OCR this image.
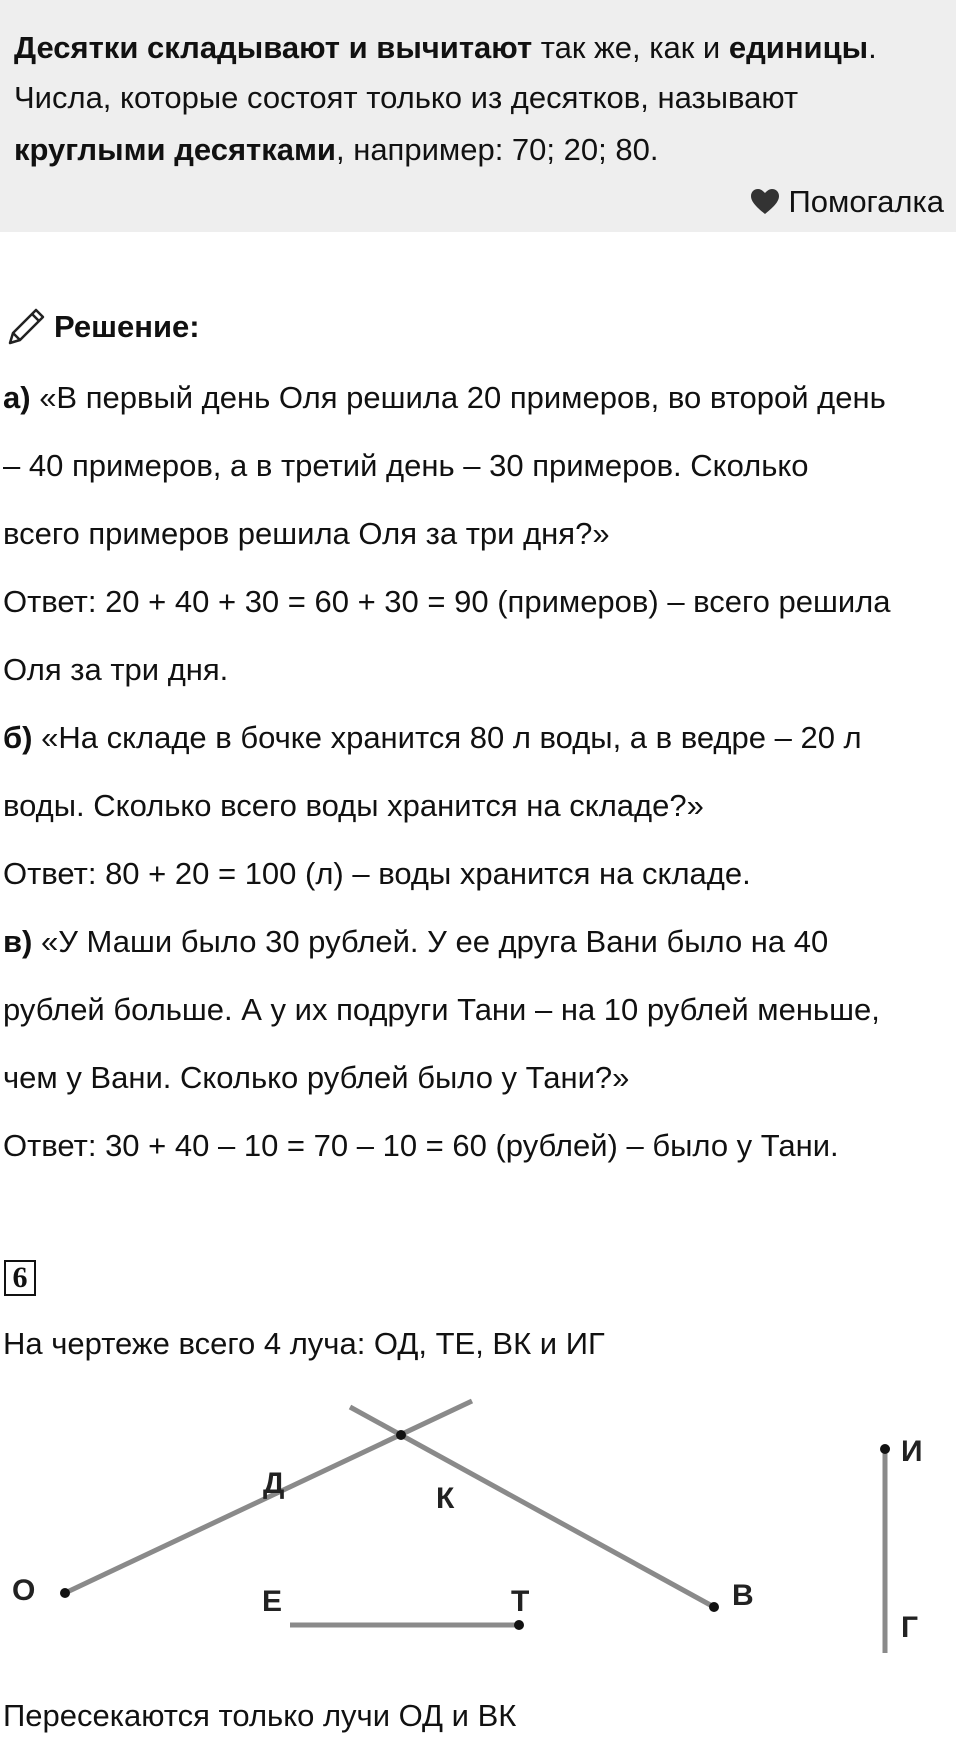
Десятки складывают и вычитают так же, как и единицы.
Числа, которые состоят только из десятков, называют
круглыми десятками, например: 70; 20; 80.
Помогалка
Решение:
а) «В первый день Оля решила 20 примеров, во второй день
– 40 примеров, а в третий день – 30 примеров. Сколько
всего примеров решила Оля за три дня?»
Ответ: 20 + 40 + 30 = 60 + 30 = 90 (примеров) – всего решила
Оля за три дня.
б) «На складе в бочке хранится 80 л воды, а в ведре – 20 л
воды. Сколько всего воды хранится на складе?»
Ответ: 80 + 20 = 100 (л) – воды хранится на складе.
в) «У Маши было 30 рублей. У ее друга Вани было на 40
рублей больше. А у их подруги Тани – на 10 рублей меньше,
чем у Вани. Сколько рублей было у Тани?»
Ответ: 30 + 40 – 10 = 70 – 10 = 60 (рублей) – было у Тани.
6
На чертеже всего 4 луча: ОД, ТЕ, ВК и ИГ
О
Д	К
Е	Т	В
И
Г
Пересекаются только лучи ОД и ВК
